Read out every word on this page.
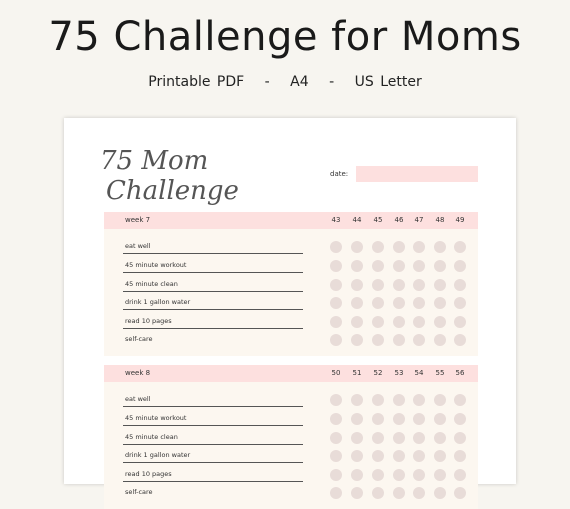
75 Challenge for Moms
Printable PDF - A4 - US Letter
75 Mom
Challenge
date:
week 7	43	44	45	46	47	48	49
eat well
45 minute workout
45 minute clean
drink 1 gallon water
read 10 pages
self-care
week 8	50	51	52	53	54	55	56
eat well
45 minute workout
45 minute clean
drink 1 gallon water
read 10 pages
self-care
